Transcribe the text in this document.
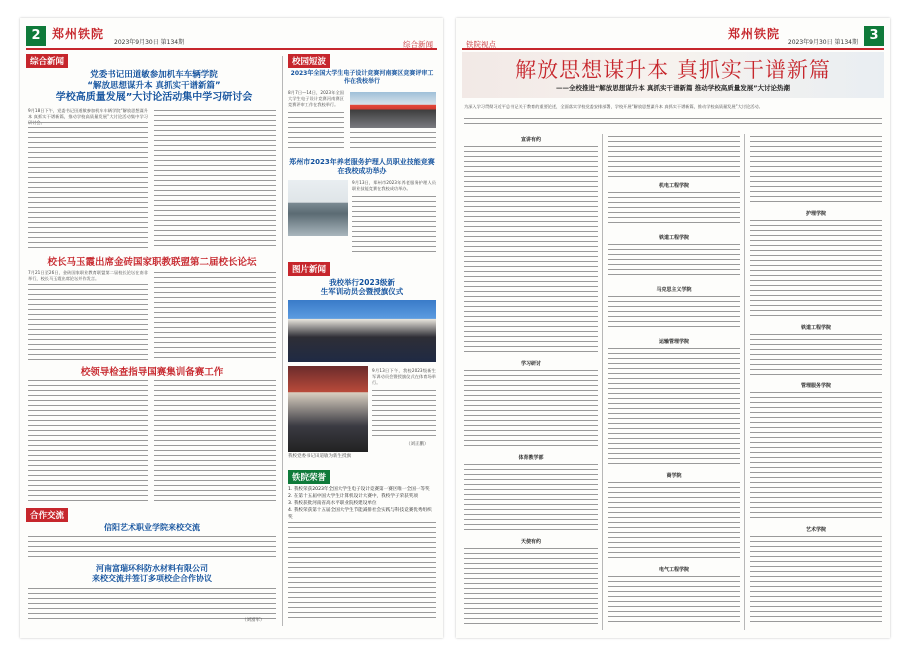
2 郑州铁院
2023年9月30日 第134期	综合新闻
综合新闻
党委书记田道敏参加机车车辆学院
“解放思想谋升本 真抓实干谱新篇”
学校高质量发展”大讨论活动集中学习研讨会
9月18日下午，党委书记田道敏参加机车车辆学院“解放思想谋升本 真抓实干谱新篇，推动学校高质量发展”大讨论活动集中学习
校长马玉霞出席金砖国家职教联盟第二届校长论坛
7月21日至26日，金砖国家职业教育联盟第二届校长论坛在南非举行，校长马玉霞出席论坛并作发言。
校领导检查指导国赛集训备赛工作
合作交流
信阳艺术职业学院来校交流
河南富瑞环科防水材料有限公司
来校交流并签订多项校企合作协议
（刘富军）
校园短波
2023年全国大学生电子设计竞赛河南赛区竞赛评审工作在我校举行
8月7日—14日，2023年全国大学生电子设计竞赛河南赛区竞赛评审工作在我校举行。
郑州市2023年养老服务护理人员职业技能竞赛在我校成功举办
9月13日，郑州市2023年养老服务护理人员职业技能竞赛在我校成功举办。
图片新闻
我校举行2023级新
生军训动员会暨授旗仪式
9月13日下午，我校2023级新生军训动员会暨授旗仪式在体育场举行。
（刘正鹏）
我校党委书记田道敏为新生授旗
铁院荣誉
1. 我校荣获2023年全国大学生电子设计竞赛第一赛区唯一全国一等奖
2. 在第十五届中国大学生计算机设计大赛中，我校学子荣获奖项
3. 我校获批河南省高水平职业院校建设单位
4. 我校荣获第十五届全国大学生节能减排社会实践与科技竞赛优秀组织奖
铁院视点
郑州铁院
2023年9月30日 第134期 3
解放思想谋升本 真抓实干谱新篇
——全校推进“解放思想谋升本 真抓实干谱新篇 推动学校高质量发展”大讨论热潮
为深入学习贯彻习近平总书记关于教育的重要论述，全面落实学校党委安排部署，学校开展“解放思想谋升本 真抓实干谱新篇，推动学校高质量发展”大讨论活动。
宣讲有约
学习研讨
体育教学部
天使有约
机电工程学院
铁道工程学院
马克思主义学院
运输管理学院
商学院
电气工程学院
护理学院
铁道工程学院
管理服务学院
艺术学院
